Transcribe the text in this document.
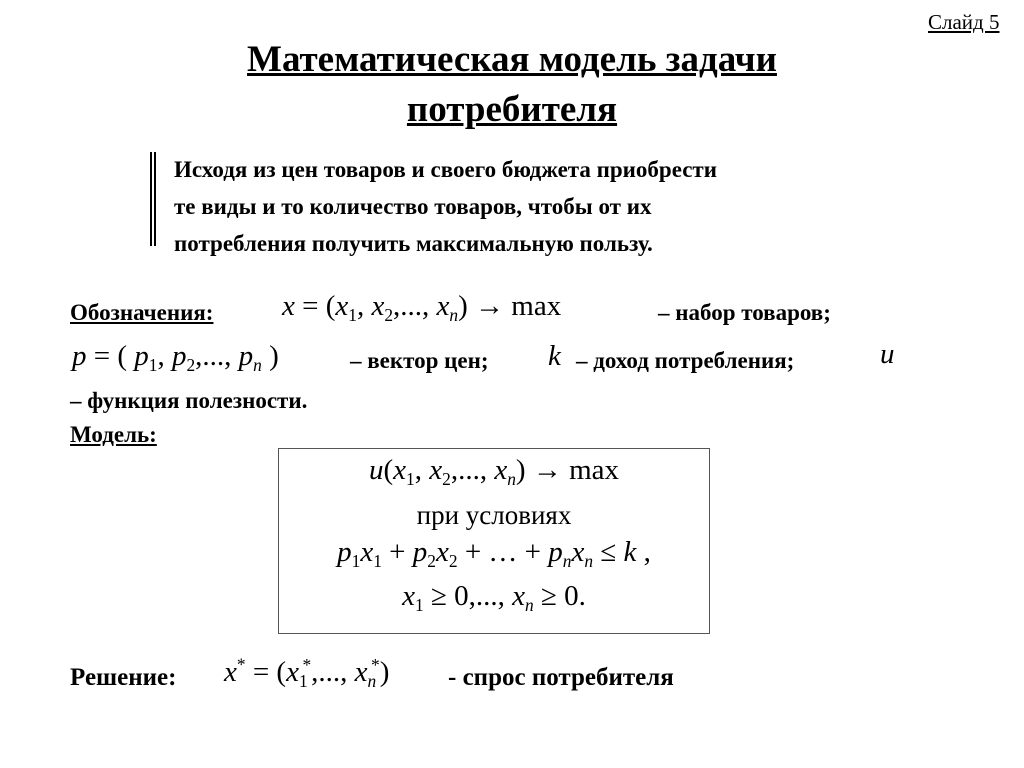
Слайд 5
Математическая модель задачи
потребителя
Исходя из цен товаров и своего бюджета приобрести
те виды и то количество товаров, чтобы от их
потребления получить максимальную пользу.
Обозначения: $x = (x_1$, $x_2$,..., $x_n) \to \max$	– набор товаров;
p = ( $p_1$, $p_2$,..., $p_n$ )	– вектор цен; k – доход потребления;	u
– функция полезности.
Модель:
$u(x_1$, $x_2$,..., $x_n) \to \max$
при условиях
$p_1x_1 + p_2x_2$ + … + $p_nx_n \le k$ ,
$x_1 \ge 0$,..., $x_n \ge 0$.
Решение: $x^* = (x_1^*$,..., $x_n^*$) - спрос потребителя
